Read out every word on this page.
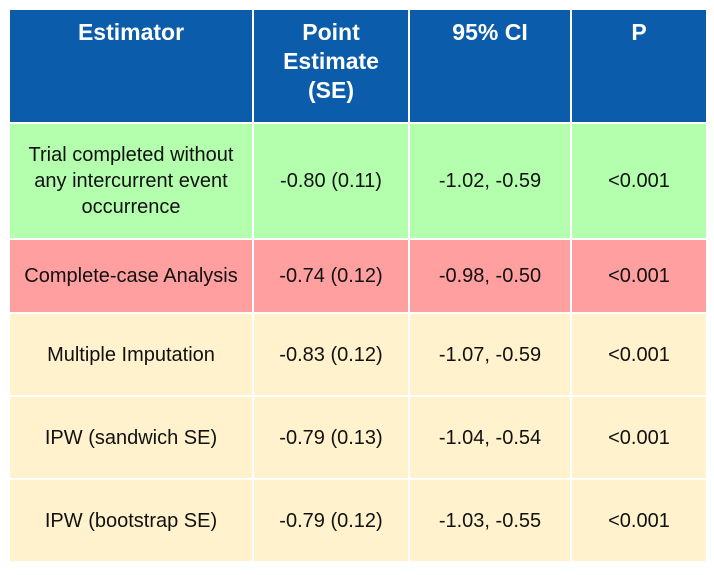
Estimator	Point Estimate (SE)	95% CI	P
Trial completed without any intercurrent event occurrence	-0.80 (0.11)	-1.02, -0.59	<0.001
Complete-case Analysis	-0.74 (0.12)	-0.98, -0.50	<0.001
Multiple Imputation	-0.83 (0.12)	-1.07, -0.59	<0.001
IPW (sandwich SE)	-0.79 (0.13)	-1.04, -0.54	<0.001
IPW (bootstrap SE)	-0.79 (0.12)	-1.03, -0.55	<0.001
